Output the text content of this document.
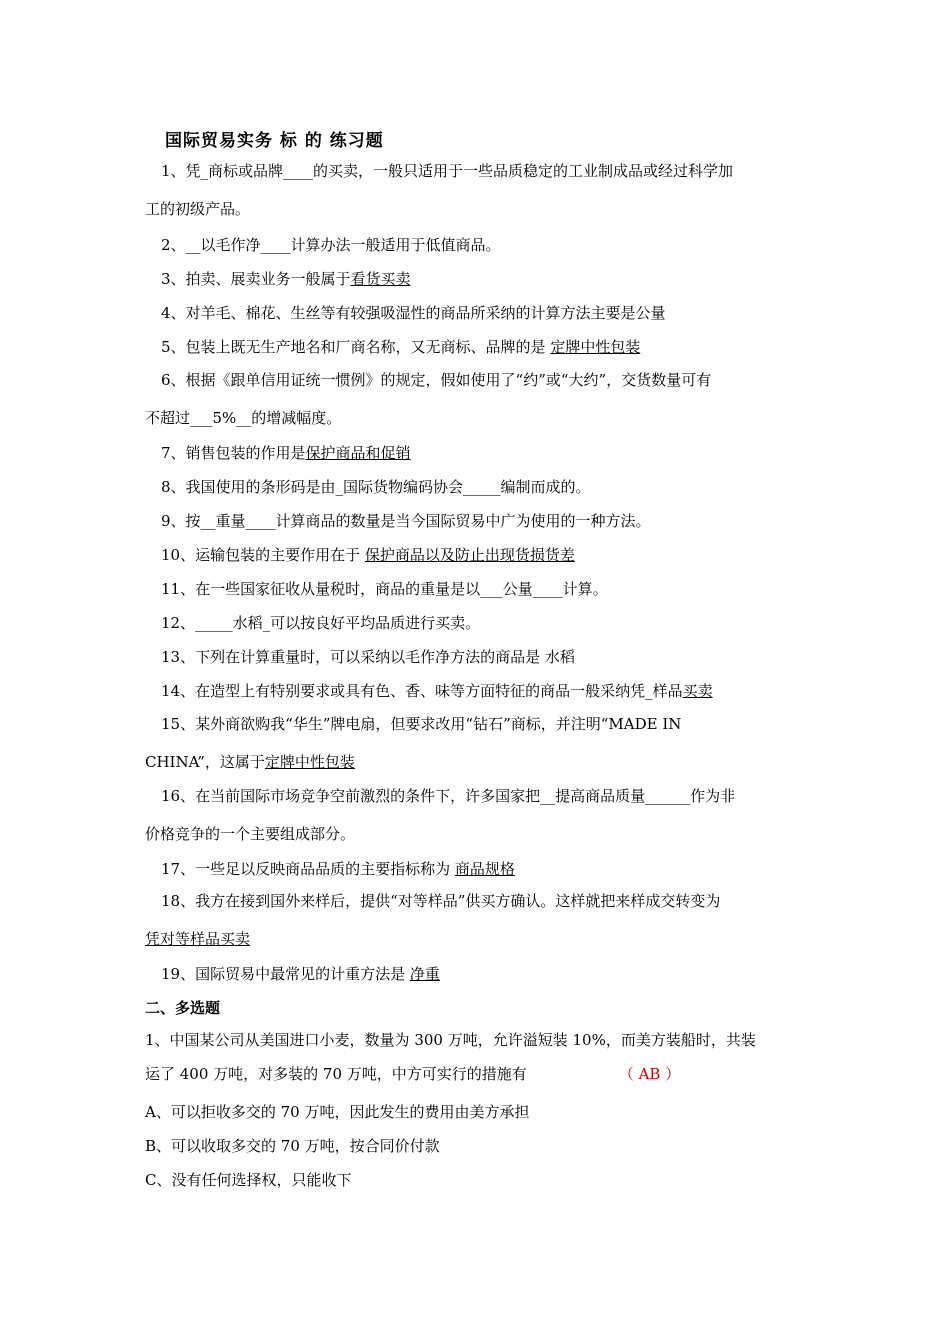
国际贸易实务 标 的 练习题
1、凭_商标或品牌____的买卖，一般只适用于一些品质稳定的工业制成品或经过科学加
工的初级产品。
2、__以毛作净____计算办法一般适用于低值商品。
3、拍卖、展卖业务一般属于看货买卖
4、对羊毛、棉花、生丝等有较强吸湿性的商品所采纳的计算方法主要是公量
5、包装上既无生产地名和厂商名称，又无商标、品牌的是 定牌中性包装
6、根据《跟单信用证统一惯例》的规定，假如使用了“约”或“大约”，交货数量可有
不超过___5%__的增减幅度。
7、销售包装的作用是保护商品和促销
8、我国使用的条形码是由_国际货物编码协会_____编制而成的。
9、按__重量____计算商品的数量是当今国际贸易中广为使用的一种方法。
10、运输包装的主要作用在于 保护商品以及防止出现货损货差
11、在一些国家征收从量税时，商品的重量是以___公量____计算。
12、_____水稻_可以按良好平均品质进行买卖。
13、下列在计算重量时，可以采纳以毛作净方法的商品是 水稻
14、在造型上有特别要求或具有色、香、味等方面特征的商品一般采纳凭_样品买卖
15、某外商欲购我“华生”牌电扇，但要求改用“钻石”商标，并注明“MADE IN
CHINA”，这属于定牌中性包装
16、在当前国际市场竞争空前激烈的条件下，许多国家把__提高商品质量______作为非
价格竞争的一个主要组成部分。
17、一些足以反映商品品质的主要指标称为 商品规格
18、我方在接到国外来样后，提供“对等样品”供买方确认。这样就把来样成交转变为
凭对等样品买卖
19、国际贸易中最常见的计重方法是 净重
二、多选题
1、中国某公司从美国进口小麦，数量为 300 万吨，允许溢短装 10%，而美方装船时，共装
运了 400 万吨，对多装的 70 万吨，中方可实行的措施有	（ AB ）
A、可以拒收多交的 70 万吨，因此发生的费用由美方承担
B、可以收取多交的 70 万吨，按合同价付款
C、没有任何选择权，只能收下
